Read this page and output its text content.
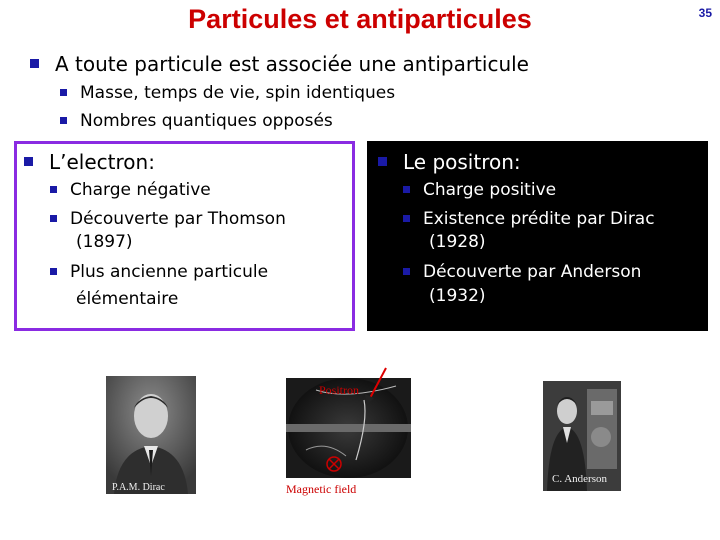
Particules et antiparticules	35
A toute particule est associée une antiparticule
Masse, temps de vie, spin identiques
Nombres quantiques opposés
L’electron:
Charge négative
Découverte par Thomson
(1897)
Plus ancienne particule
élémentaire
Le positron:
Charge positive
Existence prédite par Dirac
(1928)
Découverte par Anderson
(1932)
P.A.M. Dirac
Positron
Magnetic field
C. Anderson
